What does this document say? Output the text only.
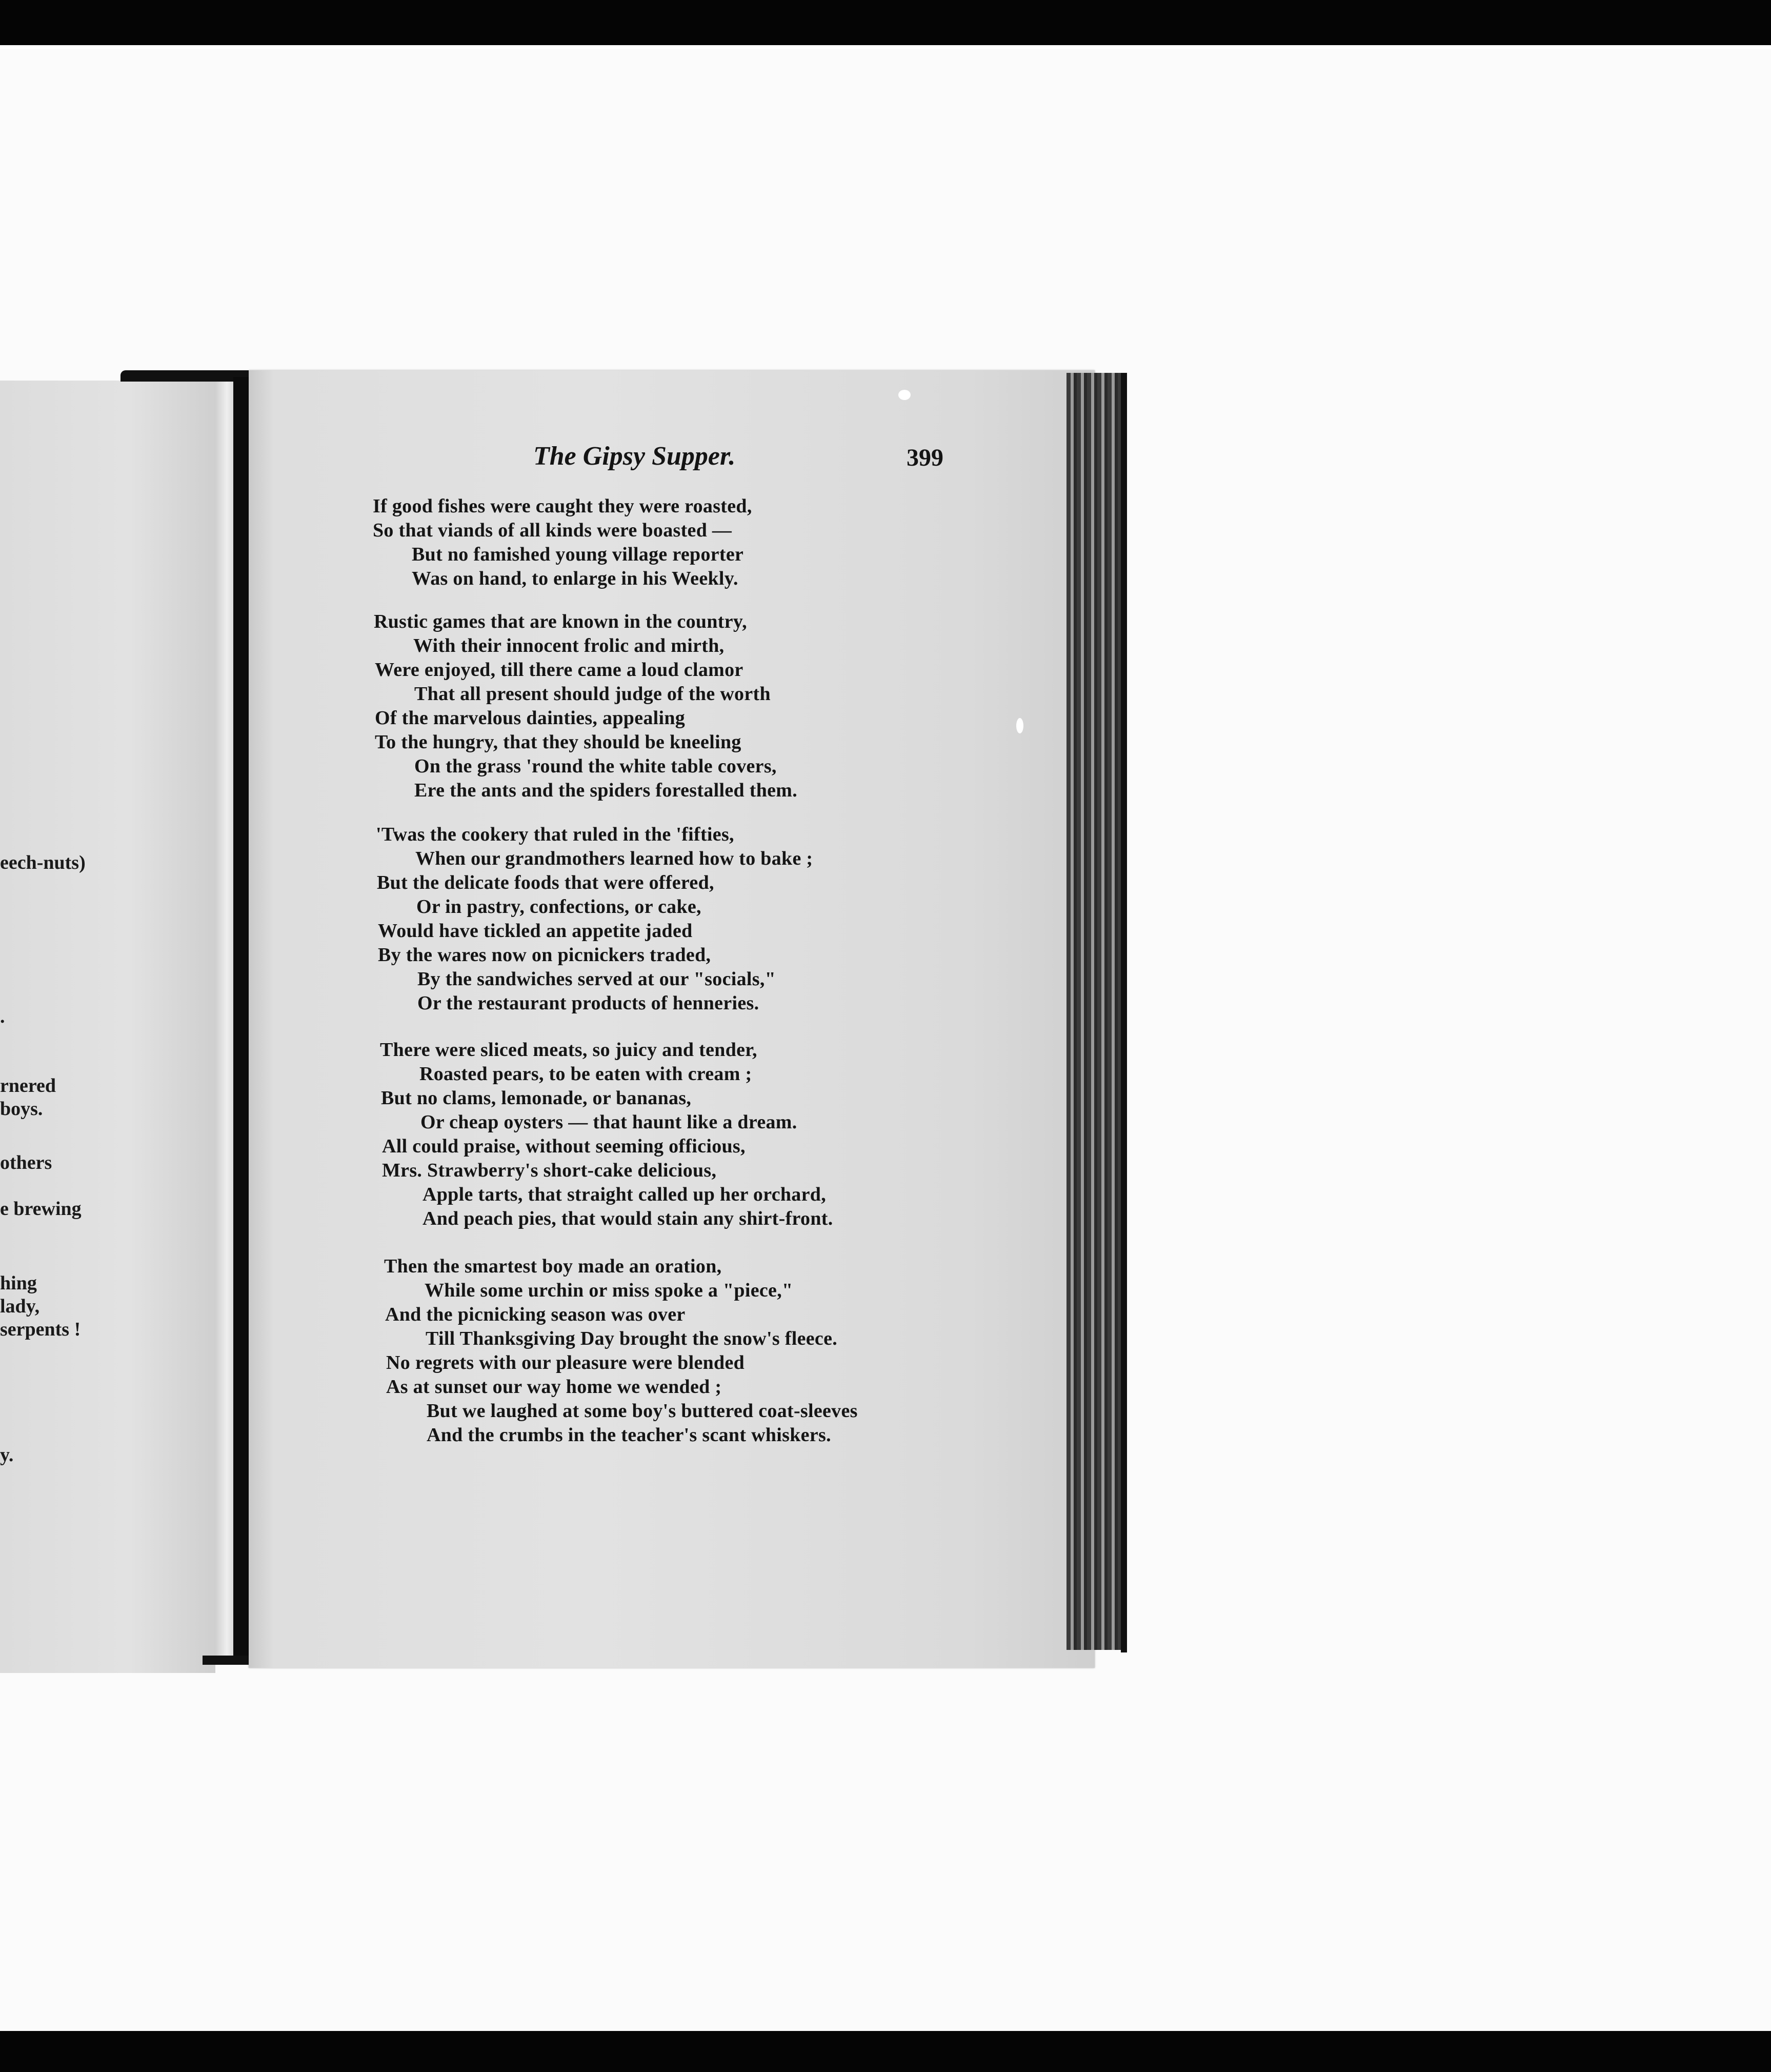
eech-nuts)
.
rnered
boys.
others
e brewing
hing
lady,
serpents !
y.
The Gipsy Supper.	399
If good fishes were caught they were roasted,
So that viands of all kinds were boasted —
But no famished young village reporter
Was on hand, to enlarge in his Weekly.
Rustic games that are known in the country,
With their innocent frolic and mirth,
Were enjoyed, till there came a loud clamor
That all present should judge of the worth
Of the marvelous dainties, appealing
To the hungry, that they should be kneeling
On the grass 'round the white table covers,
Ere the ants and the spiders forestalled them.
'Twas the cookery that ruled in the 'fifties,
When our grandmothers learned how to bake ;
But the delicate foods that were offered,
Or in pastry, confections, or cake,
Would have tickled an appetite jaded
By the wares now on picnickers traded,
By the sandwiches served at our "socials,"
Or the restaurant products of henneries.
There were sliced meats, so juicy and tender,
Roasted pears, to be eaten with cream ;
But no clams, lemonade, or bananas,
Or cheap oysters — that haunt like a dream.
All could praise, without seeming officious,
Mrs. Strawberry's short-cake delicious,
Apple tarts, that straight called up her orchard,
And peach pies, that would stain any shirt-front.
Then the smartest boy made an oration,
While some urchin or miss spoke a "piece,"
And the picnicking season was over
Till Thanksgiving Day brought the snow's fleece.
No regrets with our pleasure were blended
As at sunset our way home we wended ;
But we laughed at some boy's buttered coat-sleeves
And the crumbs in the teacher's scant whiskers.
